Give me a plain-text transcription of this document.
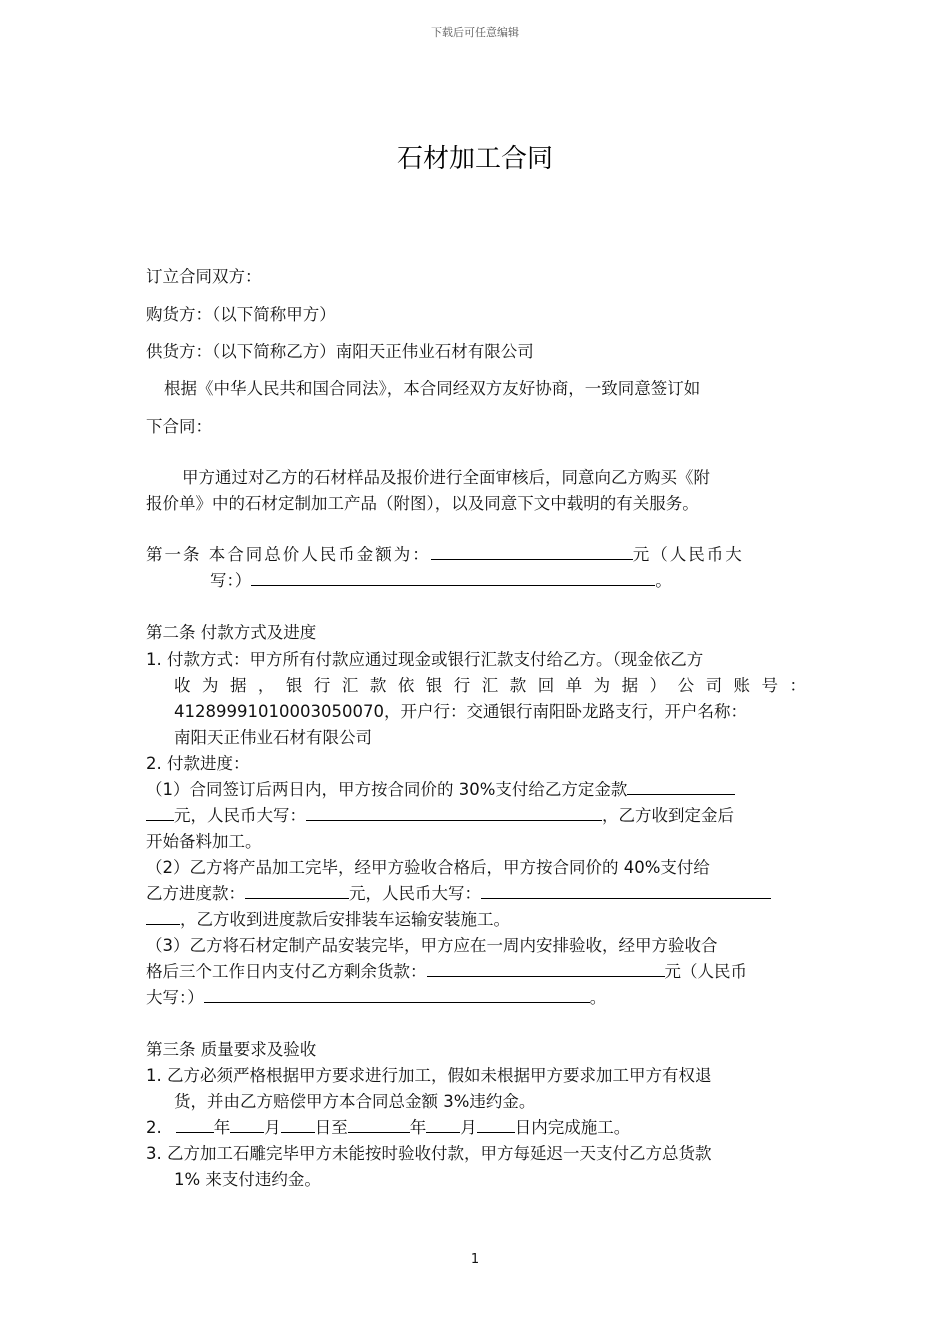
下载后可任意编辑
石材加工合同
订立合同双方：
购货方：（以下简称甲方）
供货方：（以下简称乙方）南阳天正伟业石材有限公司
根据《中华人民共和国合同法》，本合同经双方友好协商，一致同意签订如
下合同：
甲方通过对乙方的石材样品及报价进行全面审核后，同意向乙方购买《附
报价单》中的石材定制加工产品（附图），以及同意下文中载明的有关服务。
第一条 本合同总价人民币金额为：	元（人民币大
写：）	。
第二条 付款方式及进度
1. 付款方式：甲方所有付款应通过现金或银行汇款支付给乙方。（现金依乙方
收 为 据 ， 银 行 汇 款 依 银 行 汇 款 回 单 为 据 ） 公 司 账 号 ：
41289991010003050070，开户行：交通银行南阳卧龙路支行，开户名称：
南阳天正伟业石材有限公司
2. 付款进度：
（1）合同签订后两日内，甲方按合同价的 30%支付给乙方定金款
元，人民币大写：	，乙方收到定金后
开始备料加工。
（2）乙方将产品加工完毕，经甲方验收合格后，甲方按合同价的 40%支付给
乙方进度款：	元，人民币大写：
，乙方收到进度款后安排装车运输安装施工。
（3）乙方将石材定制产品安装完毕，甲方应在一周内安排验收，经甲方验收合
格后三个工作日内支付乙方剩余货款：	元（人民币
大写：）	。
第三条 质量要求及验收
1. 乙方必须严格根据甲方要求进行加工，假如未根据甲方要求加工甲方有权退
货，并由乙方赔偿甲方本合同总金额 3%违约金。
2.	年 月 日至	年 月 日内完成施工。
3. 乙方加工石雕完毕甲方未能按时验收付款，甲方每延迟一天支付乙方总货款
1% 来支付违约金。
1
